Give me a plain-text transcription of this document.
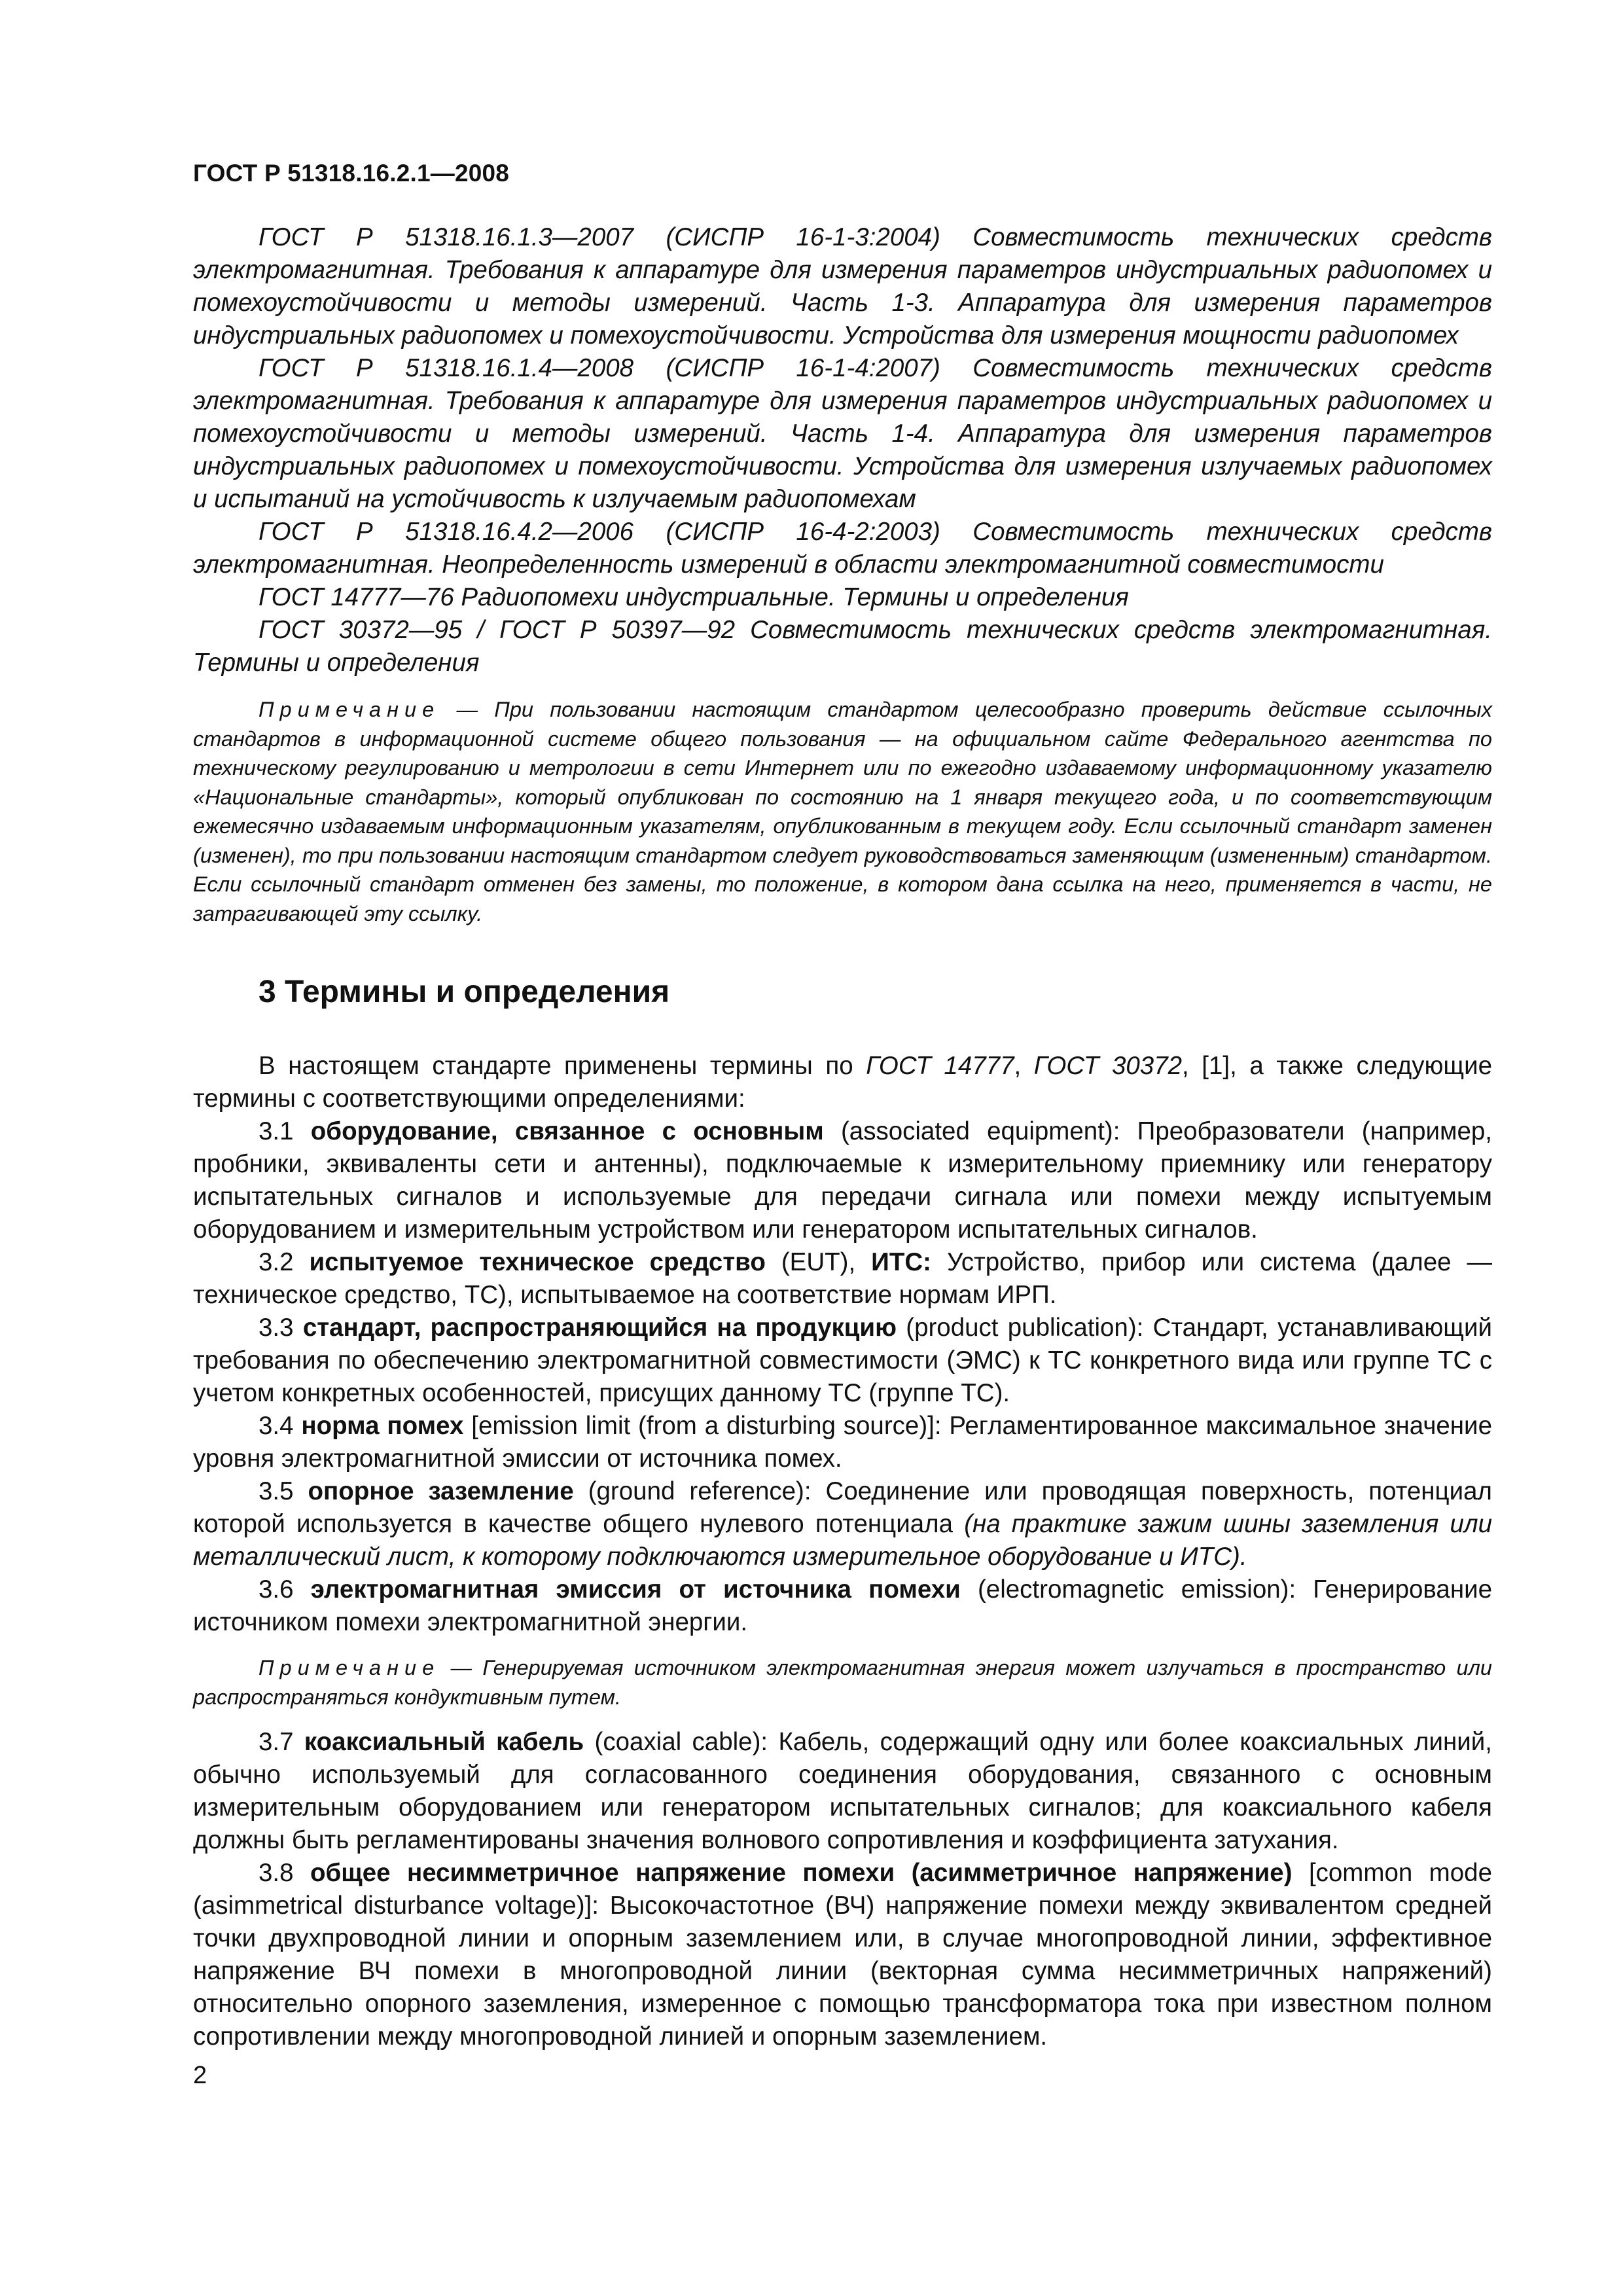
ГОСТ Р 51318.16.2.1—2008

ГОСТ Р 51318.16.1.3—2007 (СИСПР 16-1-3:2004) Совместимость технических средств электромагнитная. Требования к аппаратуре для измерения параметров индустриальных радиопомех и помехоустойчивости и методы измерений. Часть 1-3. Аппаратура для измерения параметров индустриальных радиопомех и помехоустойчивости. Устройства для измерения мощности радиопомех

ГОСТ Р 51318.16.1.4—2008 (СИСПР 16-1-4:2007) Совместимость технических средств электромагнитная. Требования к аппаратуре для измерения параметров индустриальных радиопомех и помехоустойчивости и методы измерений. Часть 1-4. Аппаратура для измерения параметров индустриальных радиопомех и помехоустойчивости. Устройства для измерения излучаемых радиопомех и испытаний на устойчивость к излучаемым радиопомехам

ГОСТ Р 51318.16.4.2—2006 (СИСПР 16-4-2:2003) Совместимость технических средств электромагнитная. Неопределенность измерений в области электромагнитной совместимости

ГОСТ 14777—76 Радиопомехи индустриальные. Термины и определения

ГОСТ 30372—95 / ГОСТ Р 50397—92 Совместимость технических средств электромагнитная. Термины и определения

Примечание — При пользовании настоящим стандартом целесообразно проверить действие ссылочных стандартов в информационной системе общего пользования — на официальном сайте Федерального агентства по техническому регулированию и метрологии в сети Интернет или по ежегодно издаваемому информационному указателю «Национальные стандарты», который опубликован по состоянию на 1 января текущего года, и по соответствующим ежемесячно издаваемым информационным указателям, опубликованным в текущем году. Если ссылочный стандарт заменен (изменен), то при пользовании настоящим стандартом следует руководствоваться заменяющим (измененным) стандартом. Если ссылочный стандарт отменен без замены, то положение, в котором дана ссылка на него, применяется в части, не затрагивающей эту ссылку.

3 Термины и определения

В настоящем стандарте применены термины по ГОСТ 14777, ГОСТ 30372, [1], а также следующие термины с соответствующими определениями:

3.1 оборудование, связанное с основным (associated equipment): Преобразователи (например, пробники, эквиваленты сети и антенны), подключаемые к измерительному приемнику или генератору испытательных сигналов и используемые для передачи сигнала или помехи между испытуемым оборудованием и измерительным устройством или генератором испытательных сигналов.

3.2 испытуемое техническое средство (EUT), ИТС: Устройство, прибор или система (далее — техническое средство, ТС), испытываемое на соответствие нормам ИРП.

3.3 стандарт, распространяющийся на продукцию (product publication): Стандарт, устанавливающий требования по обеспечению электромагнитной совместимости (ЭМС) к ТС конкретного вида или группе ТС с учетом конкретных особенностей, присущих данному ТС (группе ТС).

3.4 норма помех [emission limit (from a disturbing source)]: Регламентированное максимальное значение уровня электромагнитной эмиссии от источника помех.

3.5 опорное заземление (ground reference): Соединение или проводящая поверхность, потенциал которой используется в качестве общего нулевого потенциала (на практике зажим шины заземления или металлический лист, к которому подключаются измерительное оборудование и ИТС).

3.6 электромагнитная эмиссия от источника помехи (electromagnetic emission): Генерирование источником помехи электромагнитной энергии.

Примечание — Генерируемая источником электромагнитная энергия может излучаться в пространство или распространяться кондуктивным путем.

3.7 коаксиальный кабель (coaxial cable): Кабель, содержащий одну или более коаксиальных линий, обычно используемый для согласованного соединения оборудования, связанного с основным измерительным оборудованием или генератором испытательных сигналов; для коаксиального кабеля должны быть регламентированы значения волнового сопротивления и коэффициента затухания.

3.8 общее несимметричное напряжение помехи (асимметричное напряжение) [common mode (asimmetrical disturbance voltage)]: Высокочастотное (ВЧ) напряжение помехи между эквивалентом средней точки двухпроводной линии и опорным заземлением или, в случае многопроводной линии, эффективное напряжение ВЧ помехи в многопроводной линии (векторная сумма несимметричных напряжений) относительно опорного заземления, измеренное с помощью трансформатора тока при известном полном сопротивлении между многопроводной линией и опорным заземлением.

2
